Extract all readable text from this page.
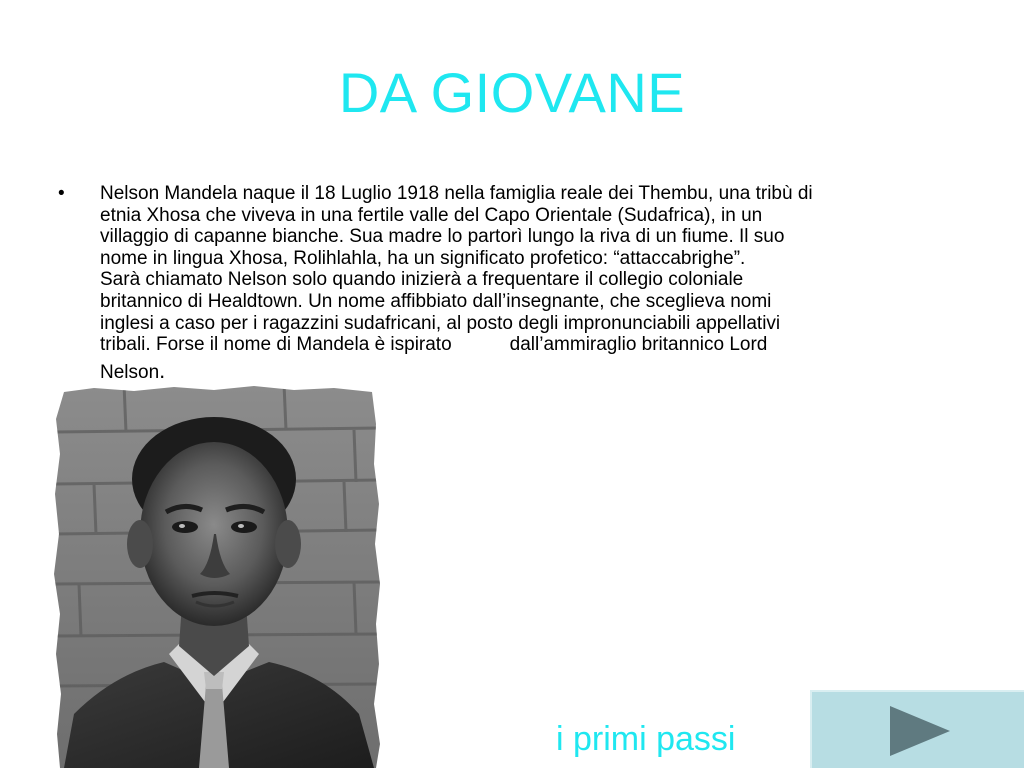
DA GIOVANE
•	Nelson Mandela naque il 18 Luglio 1918 nella famiglia reale dei Thembu, una tribù di
etnia Xhosa che viveva in una fertile valle del Capo Orientale (Sudafrica), in un
villaggio di capanne bianche. Sua madre lo partorì lungo la riva di un fiume. Il suo
nome in lingua Xhosa, Rolihlahla, ha un significato profetico: “attaccabrighe”.
Sarà chiamato Nelson solo quando inizierà a frequentare il collegio coloniale
britannico di Healdtown. Un nome affibbiato dall’insegnante, che sceglieva nomi
inglesi a caso per i ragazzini sudafricani, al posto degli impronunciabili appellativi
tribali. Forse il nome di Mandela è ispirato	dall’ammiraglio britannico Lord
Nelson.
i primi passi
